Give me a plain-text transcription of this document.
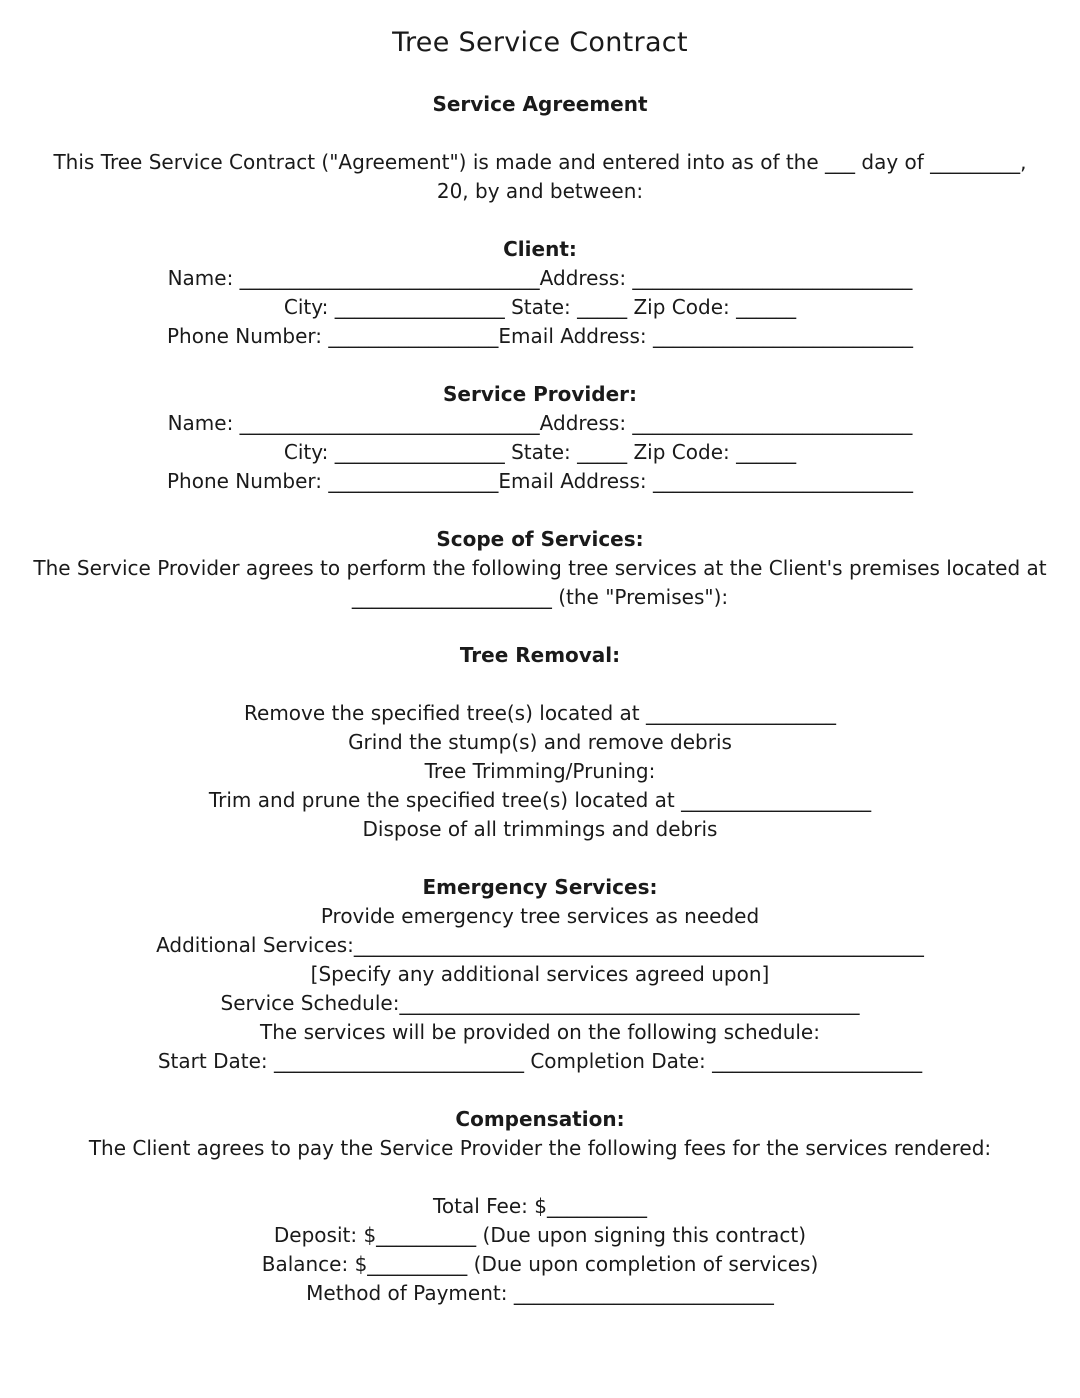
Tree Service Contract

Service Agreement

This Tree Service Contract ("Agreement") is made and entered into as of the ___ day of _________,

20, by and between:

Client:

Name: ______________________________Address: ____________________________

City: _________________ State: _____ Zip Code: ______

Phone Number: _________________Email Address: __________________________

Service Provider:

Name: ______________________________Address: ____________________________

City: _________________ State: _____ Zip Code: ______

Phone Number: _________________Email Address: __________________________

Scope of Services:

The Service Provider agrees to perform the following tree services at the Client's premises located at

____________________ (the "Premises"):

Tree Removal:

Remove the specified tree(s) located at ___________________

Grind the stump(s) and remove debris

Tree Trimming/Pruning:

Trim and prune the specified tree(s) located at ___________________

Dispose of all trimmings and debris

Emergency Services:

Provide emergency tree services as needed

Additional Services:_________________________________________________________

[Specify any additional services agreed upon]

Service Schedule:______________________________________________

The services will be provided on the following schedule:

Start Date: _________________________ Completion Date: _____________________

Compensation:

The Client agrees to pay the Service Provider the following fees for the services rendered:

Total Fee: $__________

Deposit: $__________ (Due upon signing this contract)

Balance: $__________ (Due upon completion of services)

Method of Payment: __________________________
